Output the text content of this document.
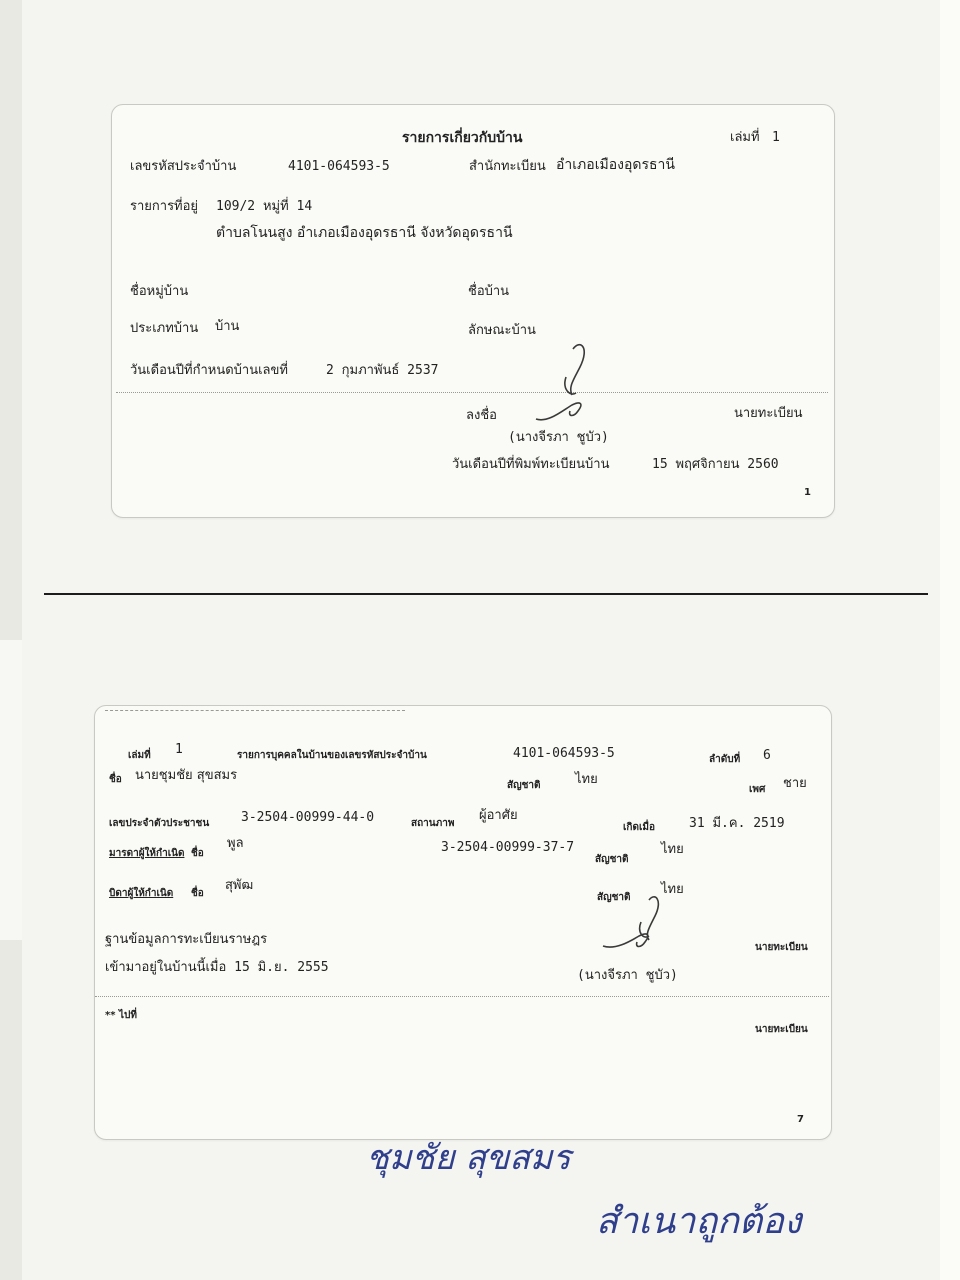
รายการเกี่ยวกับบ้าน	เล่มที่ 1
เลขรหัสประจำบ้าน	4101-064593-5	สำนักทะเบียน อำเภอเมืองอุดรธานี
รายการที่อยู่ 109/2 หมู่ที่ 14
ตำบลโนนสูง อำเภอเมืองอุดรธานี จังหวัดอุดรธานี
ชื่อหมู่บ้าน	ชื่อบ้าน
ประเภทบ้าน บ้าน	ลักษณะบ้าน
วันเดือนปีที่กำหนดบ้านเลขที่	2 กุมภาพันธ์ 2537
ลงชื่อ	นายทะเบียน
(นางจีรภา ชูบัว)
วันเดือนปีที่พิมพ์ทะเบียนบ้าน	15 พฤศจิกายน 2560
1
เล่มที่ 1	รายการบุคคลในบ้านของเลขรหัสประจำบ้าน	4101-064593-5	ลำดับที่ 6
ชื่อ นายชุมชัย สุขสมร
สัญชาติ	ไทย
เพศ ชาย
เลขประจำตัวประชาชน 3-2504-00999-44-0	สถานภาพ
ผู้อาศัย
เกิดเมื่อ	31 มี.ค. 2519
มารดาผู้ให้กำเนิด ชื่อ
พูล	3-2504-00999-37-7
สัญชาติ
ไทย
บิดาผู้ให้กำเนิด ชื่อ
สุพัฒ
สัญชาติ
ไทย
ฐานข้อมูลการทะเบียนราษฎร
เข้ามาอยู่ในบ้านนี้เมื่อ 15 มิ.ย. 2555
นายทะเบียน
(นางจีรภา ชูบัว)
** ไปที่
นายทะเบียน
7
ชุมชัย สุขสมร
สำเนาถูกต้อง
